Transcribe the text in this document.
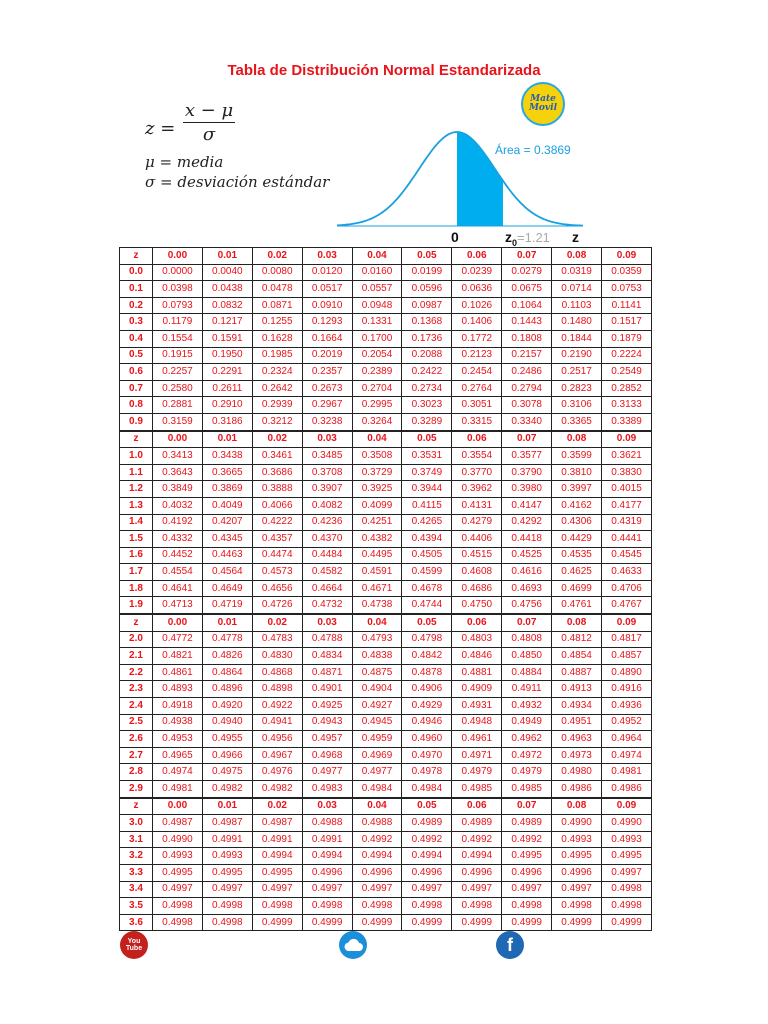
Tabla de Distribución Normal Estandarizada
Mate
Movil
$z = \frac{x - \mu}{\sigma}$
μ = media
σ = desviación estándar
Área = 0.3869
0	$z_0=1.21$ z
z	0.00	0.01	0.02	0.03	0.04	0.05	0.06	0.07	0.08	0.09
0.0	0.0000	0.0040	0.0080	0.0120	0.0160	0.0199	0.0239	0.0279	0.0319	0.0359
0.1	0.0398	0.0438	0.0478	0.0517	0.0557	0.0596	0.0636	0.0675	0.0714	0.0753
0.2	0.0793	0.0832	0.0871	0.0910	0.0948	0.0987	0.1026	0.1064	0.1103	0.1141
0.3	0.1179	0.1217	0.1255	0.1293	0.1331	0.1368	0.1406	0.1443	0.1480	0.1517
0.4	0.1554	0.1591	0.1628	0.1664	0.1700	0.1736	0.1772	0.1808	0.1844	0.1879
0.5	0.1915	0.1950	0.1985	0.2019	0.2054	0.2088	0.2123	0.2157	0.2190	0.2224
0.6	0.2257	0.2291	0.2324	0.2357	0.2389	0.2422	0.2454	0.2486	0.2517	0.2549
0.7	0.2580	0.2611	0.2642	0.2673	0.2704	0.2734	0.2764	0.2794	0.2823	0.2852
0.8	0.2881	0.2910	0.2939	0.2967	0.2995	0.3023	0.3051	0.3078	0.3106	0.3133
0.9	0.3159	0.3186	0.3212	0.3238	0.3264	0.3289	0.3315	0.3340	0.3365	0.3389
z	0.00	0.01	0.02	0.03	0.04	0.05	0.06	0.07	0.08	0.09
1.0	0.3413	0.3438	0.3461	0.3485	0.3508	0.3531	0.3554	0.3577	0.3599	0.3621
1.1	0.3643	0.3665	0.3686	0.3708	0.3729	0.3749	0.3770	0.3790	0.3810	0.3830
1.2	0.3849	0.3869	0.3888	0.3907	0.3925	0.3944	0.3962	0.3980	0.3997	0.4015
1.3	0.4032	0.4049	0.4066	0.4082	0.4099	0.4115	0.4131	0.4147	0.4162	0.4177
1.4	0.4192	0.4207	0.4222	0.4236	0.4251	0.4265	0.4279	0.4292	0.4306	0.4319
1.5	0.4332	0.4345	0.4357	0.4370	0.4382	0.4394	0.4406	0.4418	0.4429	0.4441
1.6	0.4452	0.4463	0.4474	0.4484	0.4495	0.4505	0.4515	0.4525	0.4535	0.4545
1.7	0.4554	0.4564	0.4573	0.4582	0.4591	0.4599	0.4608	0.4616	0.4625	0.4633
1.8	0.4641	0.4649	0.4656	0.4664	0.4671	0.4678	0.4686	0.4693	0.4699	0.4706
1.9	0.4713	0.4719	0.4726	0.4732	0.4738	0.4744	0.4750	0.4756	0.4761	0.4767
z	0.00	0.01	0.02	0.03	0.04	0.05	0.06	0.07	0.08	0.09
2.0	0.4772	0.4778	0.4783	0.4788	0.4793	0.4798	0.4803	0.4808	0.4812	0.4817
2.1	0.4821	0.4826	0.4830	0.4834	0.4838	0.4842	0.4846	0.4850	0.4854	0.4857
2.2	0.4861	0.4864	0.4868	0.4871	0.4875	0.4878	0.4881	0.4884	0.4887	0.4890
2.3	0.4893	0.4896	0.4898	0.4901	0.4904	0.4906	0.4909	0.4911	0.4913	0.4916
2.4	0.4918	0.4920	0.4922	0.4925	0.4927	0.4929	0.4931	0.4932	0.4934	0.4936
2.5	0.4938	0.4940	0.4941	0.4943	0.4945	0.4946	0.4948	0.4949	0.4951	0.4952
2.6	0.4953	0.4955	0.4956	0.4957	0.4959	0.4960	0.4961	0.4962	0.4963	0.4964
2.7	0.4965	0.4966	0.4967	0.4968	0.4969	0.4970	0.4971	0.4972	0.4973	0.4974
2.8	0.4974	0.4975	0.4976	0.4977	0.4977	0.4978	0.4979	0.4979	0.4980	0.4981
2.9	0.4981	0.4982	0.4982	0.4983	0.4984	0.4984	0.4985	0.4985	0.4986	0.4986
z	0.00	0.01	0.02	0.03	0.04	0.05	0.06	0.07	0.08	0.09
3.0	0.4987	0.4987	0.4987	0.4988	0.4988	0.4989	0.4989	0.4989	0.4990	0.4990
3.1	0.4990	0.4991	0.4991	0.4991	0.4992	0.4992	0.4992	0.4992	0.4993	0.4993
3.2	0.4993	0.4993	0.4994	0.4994	0.4994	0.4994	0.4994	0.4995	0.4995	0.4995
3.3	0.4995	0.4995	0.4995	0.4996	0.4996	0.4996	0.4996	0.4996	0.4996	0.4997
3.4	0.4997	0.4997	0.4997	0.4997	0.4997	0.4997	0.4997	0.4997	0.4997	0.4998
3.5	0.4998	0.4998	0.4998	0.4998	0.4998	0.4998	0.4998	0.4998	0.4998	0.4998
3.6	0.4998	0.4998	0.4999	0.4999	0.4999	0.4999	0.4999	0.4999	0.4999	0.4999
You
Tube	f
